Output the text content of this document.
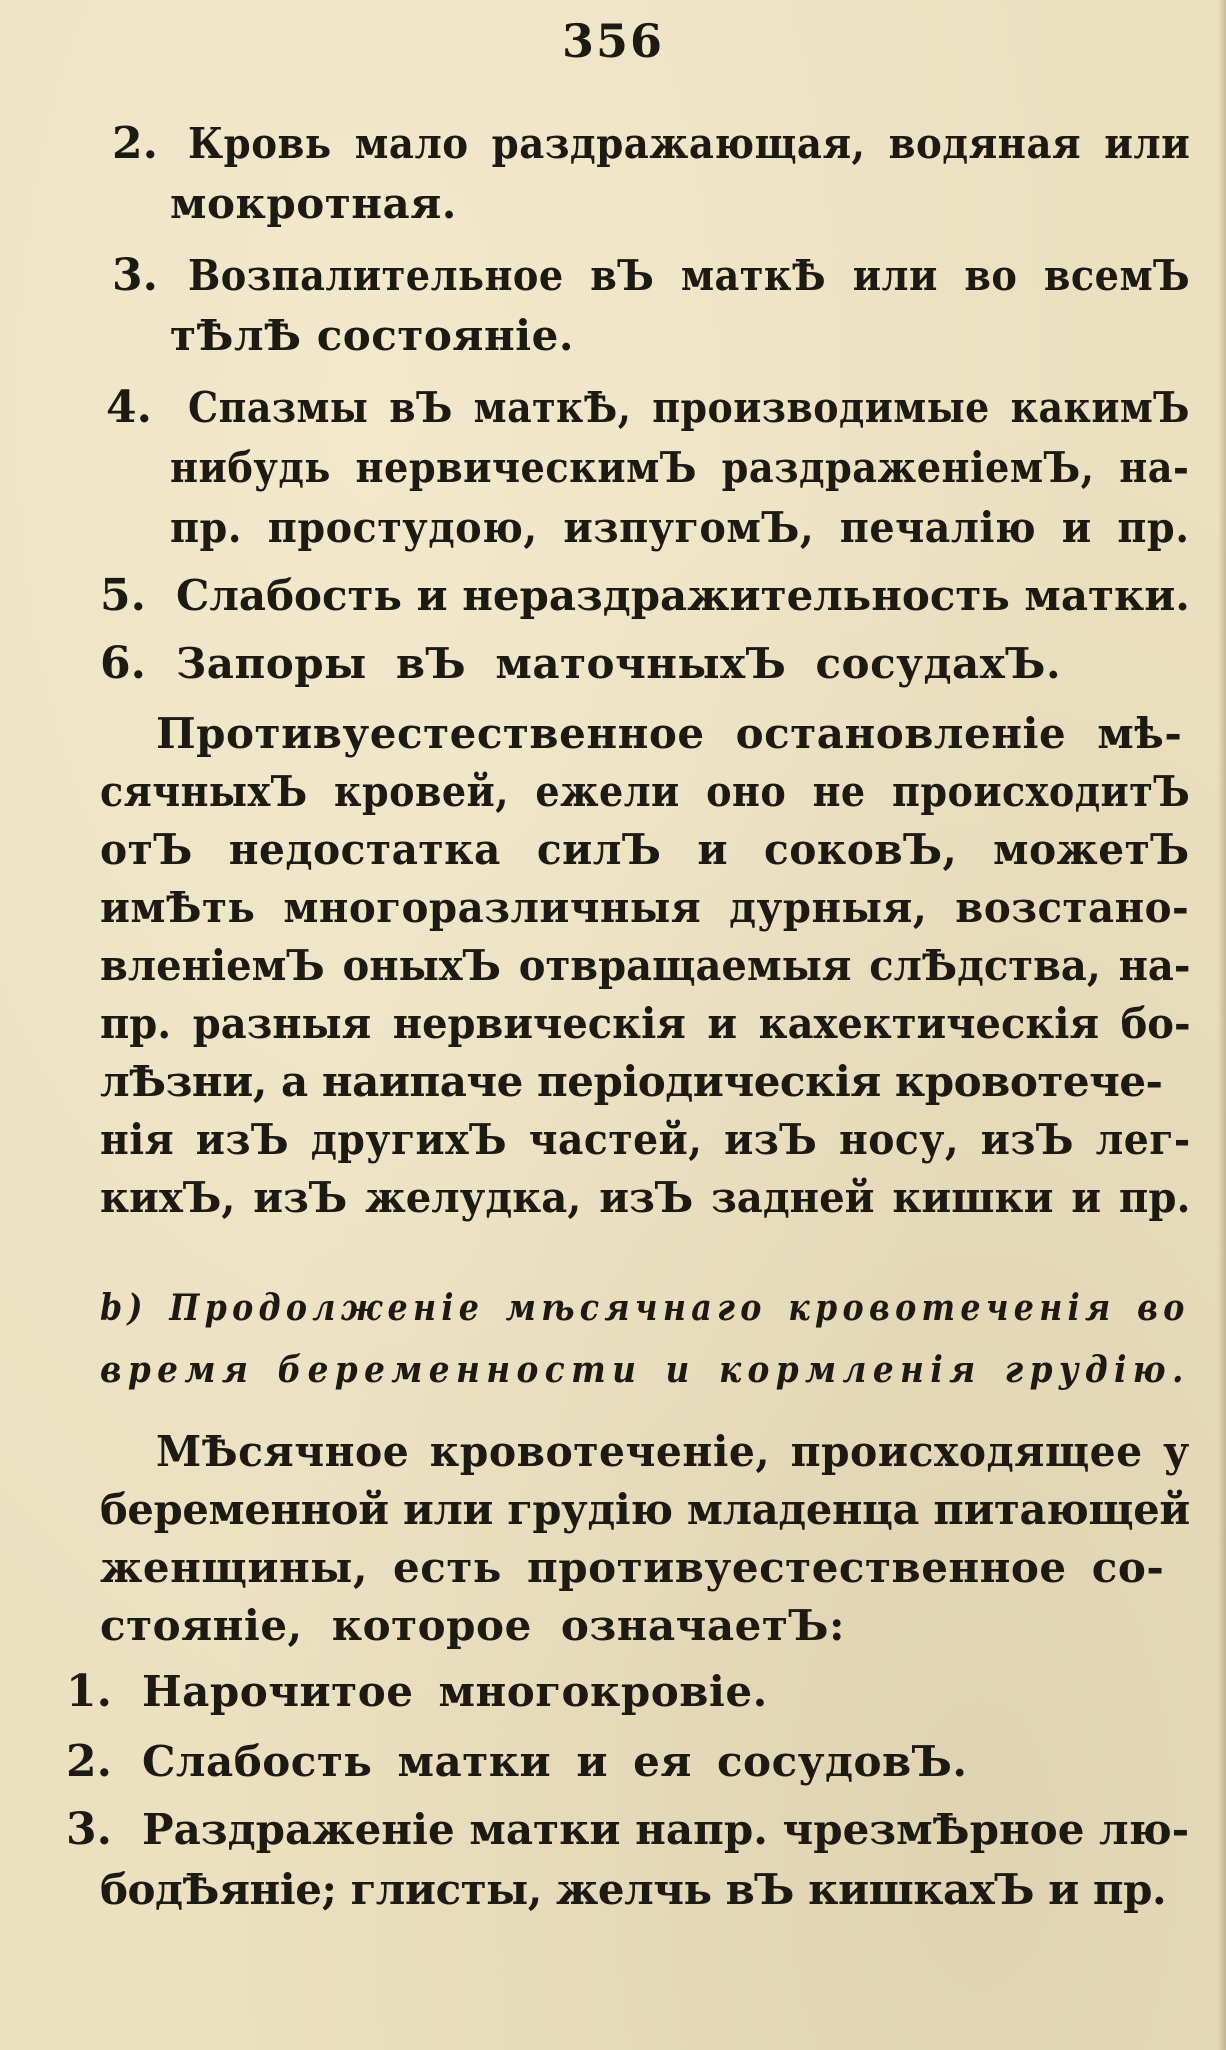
356
2. Кровь мало раздражающая, водяная или
мокротная.
3. Возпалительное вЪ маткѢ или во всемЪ
тѢлѢ состояніе.
4. Спазмы вЪ маткѢ, производимые какимЪ
нибудь нервическимЪ раздраженіемЪ, на-
пр. простудою, изпугомЪ, печалію и пр.
5. Слабость и нераздражительность матки.
6. Запоры вЪ маточныхЪ сосудахЪ.
Противуестественное остановленіе мѣ-
сячныхЪ кровей, ежели оно не происходитЪ
отЪ недостатка силЪ и соковЪ, можетЪ
имѢть многоразличныя дурныя, возстано-
вленіемЪ оныхЪ отвращаемыя слѢдства, на-
пр. разныя нервическія и кахектическія бо-
лѢзни, а наипаче періодическія кровотече-
нія изЪ другихЪ частей, изЪ носу, изЪ лег-
кихЪ, изЪ желудка, изЪ задней кишки и пр.
b) Продолженіе мѣсячнаго кровотеченія во
время беременности и кормленія грудію.
МѢсячное кровотеченіе, происходящее у
беременной или грудію младенца питающей
женщины, есть противуестественное со-
стояніе, которое означаетЪ:
1. Нарочитое многокровіе.
2. Слабость матки и ея сосудовЪ.
3. Раздраженіе матки напр. чрезмѢрное лю-
бодѢяніе; глисты, желчь вЪ кишкахЪ и пр.
